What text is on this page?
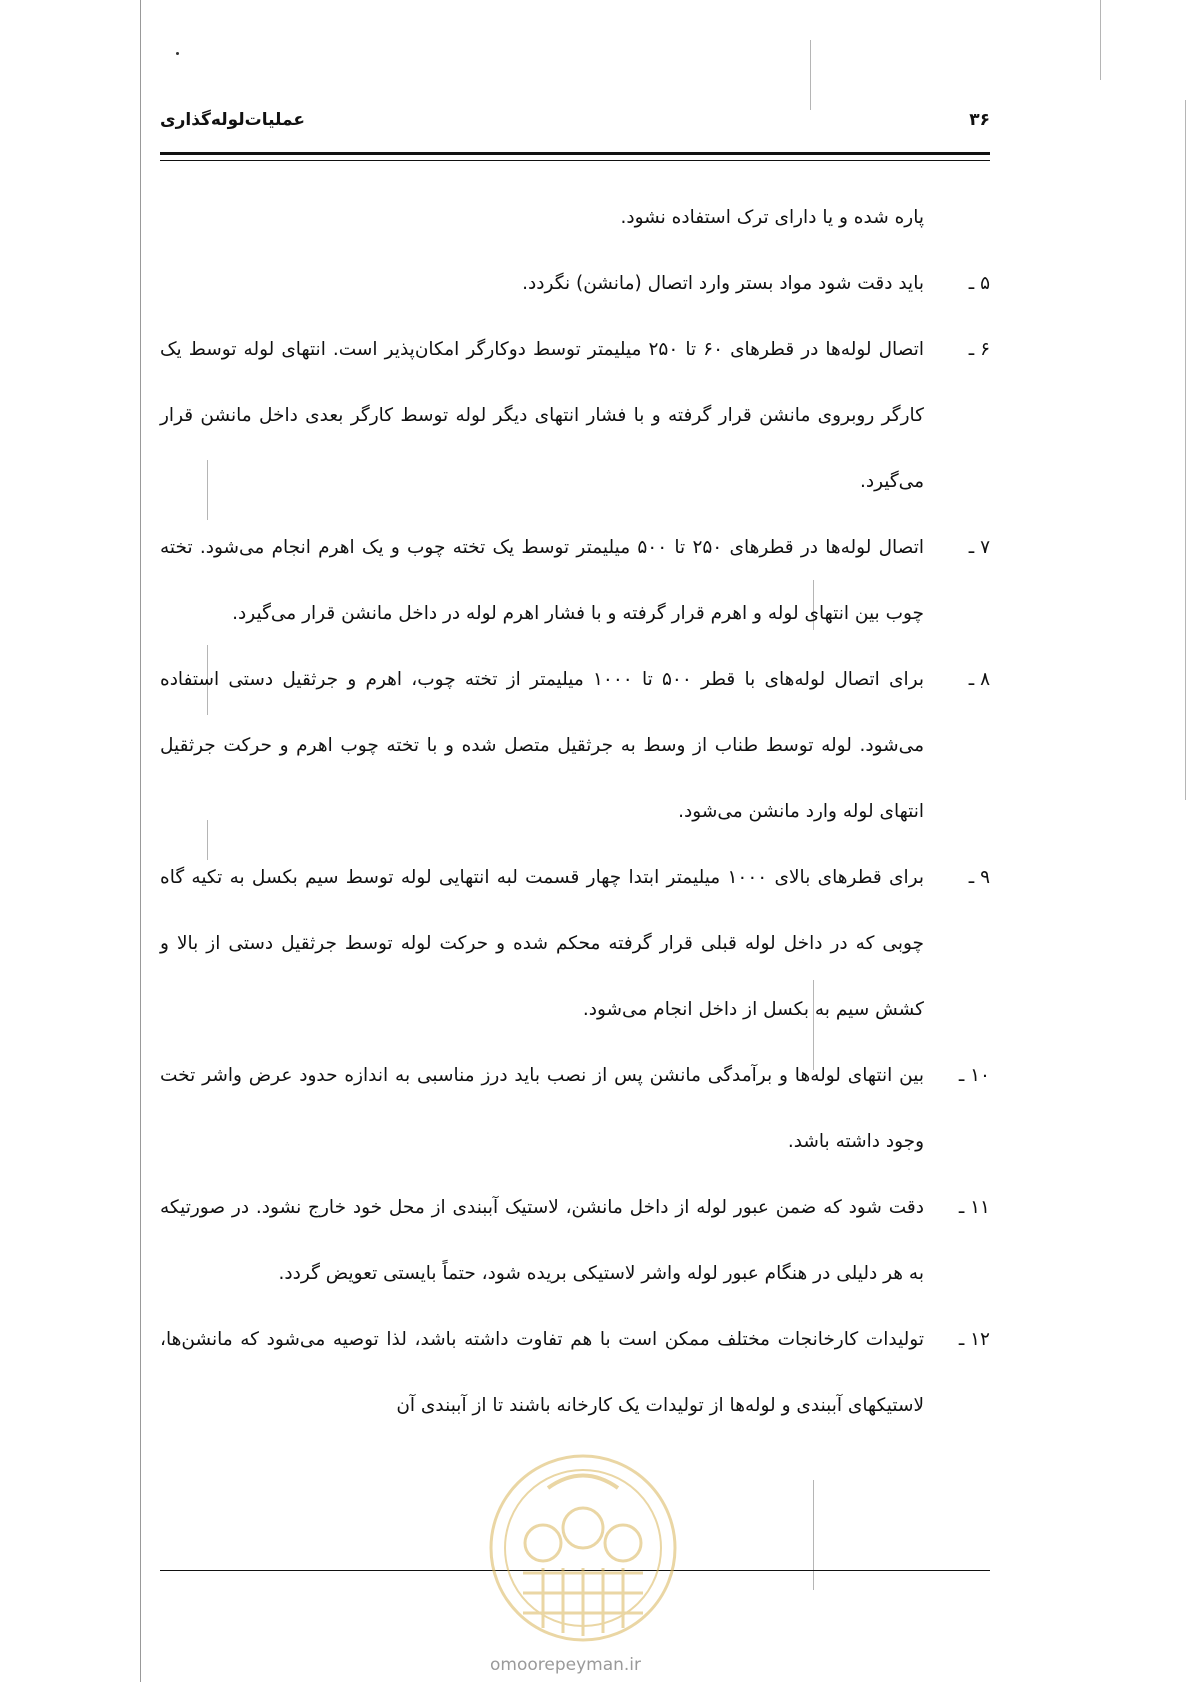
عملیات‌لوله‌گذاری	۳۶

پاره شده و یا دارای ترک استفاده نشود.

۵ ـ
باید دقت شود مواد بستر وارد اتصال (مانشن) نگردد.
۶ ـ
اتصال لوله‌ها در قطرهای ۶۰ تا ۲۵۰ میلیمتر توسط دوکارگر امکان‌پذیر است. انتهای لوله توسط یک کارگر روبروی مانشن قرار گرفته و با فشار انتهای دیگر لوله توسط کارگر بعدی داخل مانشن قرار می‌گیرد.
۷ ـ
اتصال لوله‌ها در قطرهای ۲۵۰ تا ۵۰۰ میلیمتر توسط یک تخته چوب و یک اهرم انجام می‌شود. تخته چوب بین انتهای لوله و اهرم قرار گرفته و با فشار اهرم لوله در داخل مانشن قرار می‌گیرد.
۸ ـ
برای اتصال لوله‌های با قطر ۵۰۰ تا ۱۰۰۰ میلیمتر از تخته چوب، اهرم و جرثقیل دستی استفاده می‌شود. لوله توسط طناب از وسط به جرثقیل متصل شده و با تخته چوب اهرم و حرکت جرثقیل انتهای لوله وارد مانشن می‌شود.
۹ ـ
برای قطرهای بالای ۱۰۰۰ میلیمتر ابتدا چهار قسمت لبه انتهایی لوله توسط سیم بکسل به تکیه گاه چوبی که در داخل لوله قبلی قرار گرفته محکم شده و حرکت لوله توسط جرثقیل دستی از بالا و کشش سیم به بکسل از داخل انجام می‌شود.
۱۰ ـ
بین انتهای لوله‌ها و برآمدگی مانشن پس از نصب باید درز مناسبی به اندازه حدود عرض واشر تخت وجود داشته باشد.
۱۱ ـ
دقت شود که ضمن عبور لوله از داخل مانشن، لاستیک آببندی از محل خود خارج نشود. در صورتیکه به هر دلیلی در هنگام عبور لوله واشر لاستیکی بریده شود، حتماً بایستی تعویض گردد.
۱۲ ـ
تولیدات کارخانجات مختلف ممکن است با هم تفاوت داشته باشد، لذا توصیه می‌شود که مانشن‌ها، لاستیکهای آببندی و لوله‌ها از تولیدات یک کارخانه باشند تا از آببندی آن
omoorepeyman.ir
